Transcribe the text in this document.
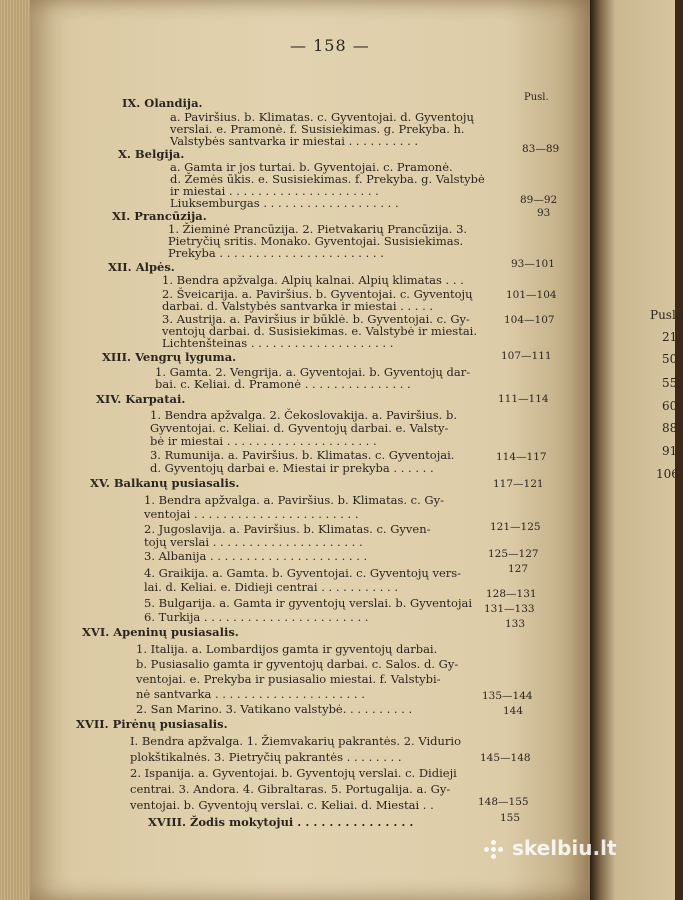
— 158 —
Pusl.
IX. Olandija.
a. Paviršius. b. Klimatas. c. Gyventojai. d. Gyventojų
verslai. e. Pramonė. f. Susisiekimas. g. Prekyba. h.
Valstybės santvarka ir miestai . . . . . . . . . .
X. Belgija.
a. Gamta ir jos turtai. b. Gyventojai. c. Pramonė.
d. Žemės ūkis. e. Susisiekimas. f. Prekyba. g. Valstybė
ir miestai . . . . . . . . . . . . . . . . . . . . .
Liuksemburgas . . . . . . . . . . . . . . . . . . .
XI. Prancūzija.
1. Žieminė Prancūzija. 2. Pietvakarių Prancūzija. 3.
Pietryčių sritis. Monako. Gyventojai. Susisiekimas.
Prekyba . . . . . . . . . . . . . . . . . . . . . . .
XII. Alpės.
1. Bendra apžvalga. Alpių kalnai. Alpių klimatas . . .
2. Šveicarija. a. Paviršius. b. Gyventojai. c. Gyventojų
darbai. d. Valstybės santvarka ir miestai . . . . .
3. Austrija. a. Paviršius ir būklė. b. Gyventojai. c. Gy-
ventojų darbai. d. Susisiekimas. e. Valstybė ir miestai.
Lichtenšteinas . . . . . . . . . . . . . . . . . . . .
XIII. Vengrų lyguma.
1. Gamta. 2. Vengrija. a. Gyventojai. b. Gyventojų dar-
bai. c. Keliai. d. Pramonė . . . . . . . . . . . . . . .
XIV. Karpatai.
1. Bendra apžvalga. 2. Čekoslovakija. a. Paviršius. b.
Gyventojai. c. Keliai. d. Gyventojų darbai. e. Valsty-
bė ir miestai . . . . . . . . . . . . . . . . . . . . .
3. Rumunija. a. Paviršius. b. Klimatas. c. Gyventojai.
d. Gyventojų darbai e. Miestai ir prekyba . . . . . .
XV. Balkanų pusiasalis.
1. Bendra apžvalga. a. Paviršius. b. Klimatas. c. Gy-
ventojai . . . . . . . . . . . . . . . . . . . . . . .
2. Jugoslavija. a. Paviršius. b. Klimatas. c. Gyven-
tojų verslai . . . . . . . . . . . . . . . . . . . . .
3. Albanija . . . . . . . . . . . . . . . . . . . . . .
4. Graikija. a. Gamta. b. Gyventojai. c. Gyventojų vers-
lai. d. Keliai. e. Didieji centrai . . . . . . . . . . .
5. Bulgarija. a. Gamta ir gyventojų verslai. b. Gyventojai
6. Turkija . . . . . . . . . . . . . . . . . . . . . . .
XVI. Apeninų pusiasalis.
1. Italija. a. Lombardijos gamta ir gyventojų darbai.
b. Pusiasalio gamta ir gyventojų darbai. c. Salos. d. Gy-
ventojai. e. Prekyba ir pusiasalio miestai. f. Valstybi-
nė santvarka . . . . . . . . . . . . . . . . . . . . .
2. San Marino. 3. Vatikano valstybė. . . . . . . . . .
XVII. Pirėnų pusiasalis.
I. Bendra apžvalga. 1. Žiemvakarių pakrantės. 2. Vidurio
plokštikalnės. 3. Pietryčių pakrantės . . . . . . . .
2. Ispanija. a. Gyventojai. b. Gyventojų verslai. c. Didieji
centrai. 3. Andora. 4. Gibraltaras. 5. Portugalija. a. Gy-
ventojai. b. Gyventojų verslai. c. Keliai. d. Miestai . .
XVIII. Žodis mokytojui . . . . . . . . . . . . . . .
83—89
89—92
93
93—101
101—104
104—107
107—111
111—114
114—117
117—121
121—125
125—127
127
128—131
131—133
133
135—144
144
145—148
148—155
155
Pusla
21
50
55
60
88
91
106
skelbiu.lt
